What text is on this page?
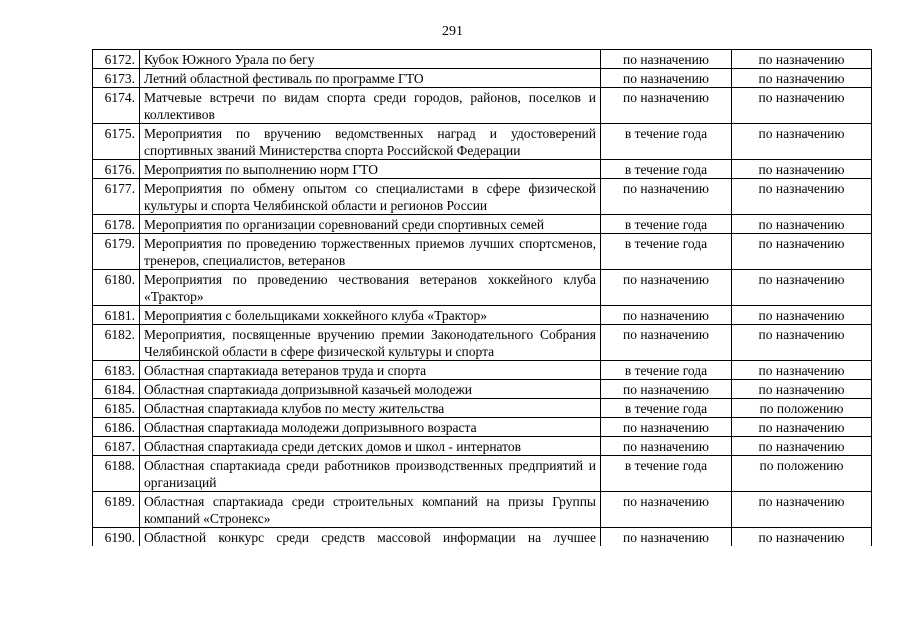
291
6172.	Кубок Южного Урала по бегу	по назначению	по назначению
6173.	Летний областной фестиваль по программе ГТО	по назначению	по назначению
6174.	Матчевые встречи по видам спорта среди городов, районов, поселков и коллективов	по назначению	по назначению
6175.	Мероприятия по вручению ведомственных наград и удостоверений спортивных званий Министерства спорта Российской Федерации	в течение года	по назначению
6176.	Мероприятия по выполнению норм ГТО	в течение года	по назначению
6177.	Мероприятия по обмену опытом со специалистами в сфере физической культуры и спорта Челябинской области и регионов России	по назначению	по назначению
6178.	Мероприятия по организации соревнований среди спортивных семей	в течение года	по назначению
6179.	Мероприятия по проведению торжественных приемов лучших спортсменов, тренеров, специалистов, ветеранов	в течение года	по назначению
6180.	Мероприятия по проведению чествования ветеранов хоккейного клуба «Трактор»	по назначению	по назначению
6181.	Мероприятия с болельщиками хоккейного клуба «Трактор»	по назначению	по назначению
6182.	Мероприятия, посвященные вручению премии Законодательного Собрания Челябинской области в сфере физической культуры и спорта	по назначению	по назначению
6183.	Областная спартакиада ветеранов труда и спорта	в течение года	по назначению
6184.	Областная спартакиада допризывной казачьей молодежи	по назначению	по назначению
6185.	Областная спартакиада клубов по месту жительства	в течение года	по положению
6186.	Областная спартакиада молодежи допризывного возраста	по назначению	по назначению
6187.	Областная спартакиада среди детских домов и школ - интернатов	по назначению	по назначению
6188.	Областная спартакиада среди работников производственных предприятий и организаций	в течение года	по положению
6189.	Областная спартакиада среди строительных компаний на призы Группы компаний «Стронекс»	по назначению	по назначению
6190.	Областной конкурс среди средств массовой информации на лучшее	по назначению	по назначению
